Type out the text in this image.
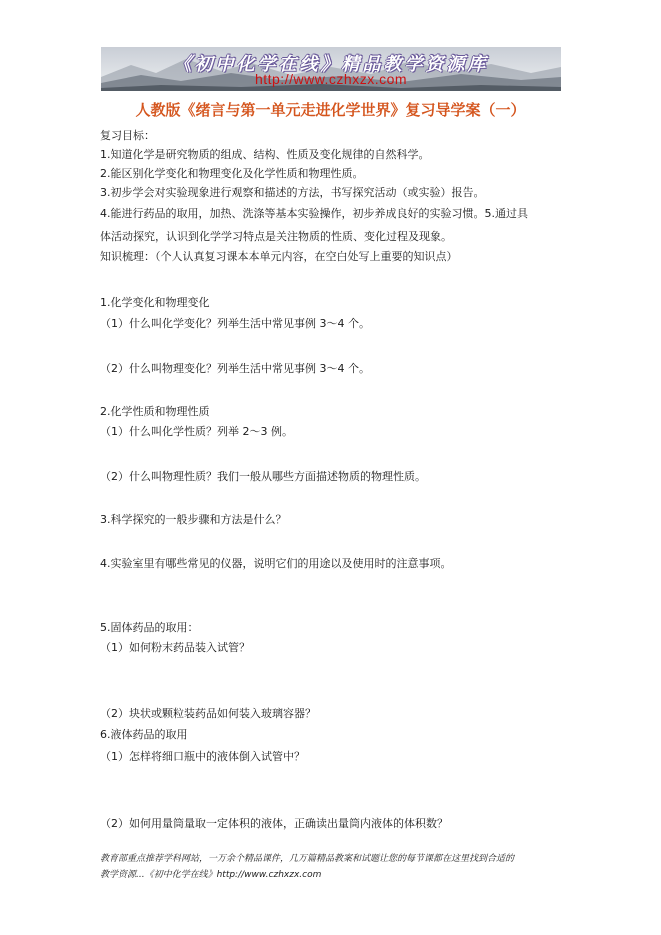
《初中化学在线》精品教学资源库
http://www.czhxzx.com
人教版《绪言与第一单元走进化学世界》复习导学案（一）
复习目标：
1.知道化学是研究物质的组成、结构、性质及变化规律的自然科学。
2.能区别化学变化和物理变化及化学性质和物理性质。
3.初步学会对实验现象进行观察和描述的方法，书写探究活动（或实验）报告。
4.能进行药品的取用，加热、洗涤等基本实验操作，初步养成良好的实验习惯。5.通过具
体活动探究，认识到化学学习特点是关注物质的性质、变化过程及现象。
知识梳理：（个人认真复习课本本单元内容，在空白处写上重要的知识点）
1.化学变化和物理变化
（1）什么叫化学变化？列举生活中常见事例 3～4 个。
（2）什么叫物理变化？列举生活中常见事例 3～4 个。
2.化学性质和物理性质
（1）什么叫化学性质？列举 2～3 例。
（2）什么叫物理性质？我们一般从哪些方面描述物质的物理性质。
3.科学探究的一般步骤和方法是什么？
4.实验室里有哪些常见的仪器，说明它们的用途以及使用时的注意事项。
5.固体药品的取用：
（1）如何粉末药品装入试管？
（2）块状或颗粒装药品如何装入玻璃容器？
6.液体药品的取用
（1）怎样将细口瓶中的液体倒入试管中？
（2）如何用量筒量取一定体积的液体，正确读出量筒内液体的体积数？
教育部重点推荐学科网站，一万余个精品课件，几万篇精品教案和试题让您的每节课都在这里找到合适的
教学资源...《初中化学在线》http://www.czhxzx.com
